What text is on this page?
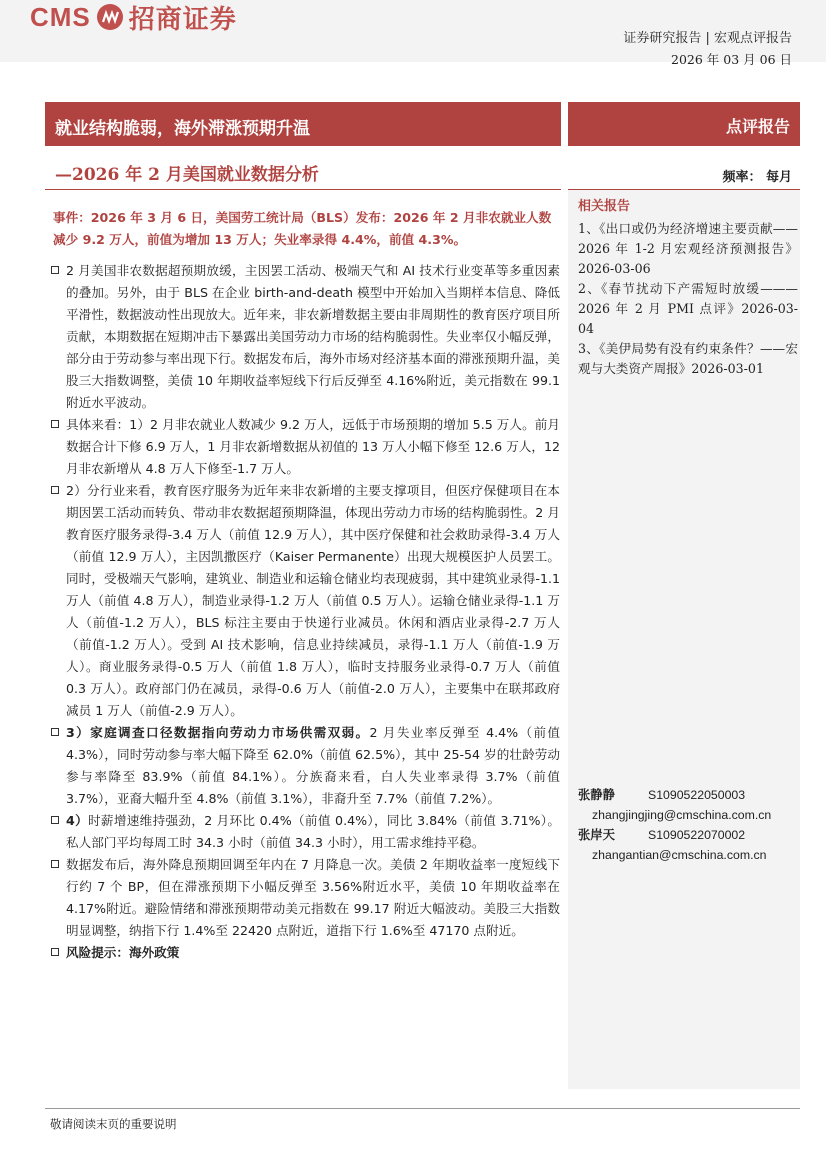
CMS 招商证券
证券研究报告 | 宏观点评报告
2026 年 03 月 06 日
就业结构脆弱，海外滞涨预期升温	点评报告
—2026 年 2 月美国就业数据分析	频率： 每月
事件：2026 年 3 月 6 日，美国劳工统计局（BLS）发布：2026 年 2 月非农就业人数减少 9.2 万人，前值为增加 13 万人；失业率录得 4.4%，前值 4.3%。
2 月美国非农数据超预期放缓，主因罢工活动、极端天气和 AI 技术行业变革等多重因素的叠加。另外，由于 BLS 在企业 birth-and-death 模型中开始加入当期样本信息、降低平滑性，数据波动性出现放大。近年来，非农新增数据主要由非周期性的教育医疗项目所贡献，本期数据在短期冲击下暴露出美国劳动力市场的结构脆弱性。失业率仅小幅反弹，部分由于劳动参与率出现下行。数据发布后，海外市场对经济基本面的滞涨预期升温，美股三大指数调整，美债 10 年期收益率短线下行后反弹至 4.16%附近，美元指数在 99.1 附近水平波动。
具体来看：1）2 月非农就业人数减少 9.2 万人，远低于市场预期的增加 5.5 万人。前月数据合计下修 6.9 万人，1 月非农新增数据从初值的 13 万人小幅下修至 12.6 万人，12 月非农新增从 4.8 万人下修至-1.7 万人。
2）分行业来看，教育医疗服务为近年来非农新增的主要支撑项目，但医疗保健项目在本期因罢工活动而转负、带动非农数据超预期降温，体现出劳动力市场的结构脆弱性。2 月教育医疗服务录得-3.4 万人（前值 12.9 万人），其中医疗保健和社会救助录得-3.4 万人（前值 12.9 万人），主因凯撒医疗（Kaiser Permanente）出现大规模医护人员罢工。同时，受极端天气影响，建筑业、制造业和运输仓储业均表现疲弱，其中建筑业录得-1.1 万人（前值 4.8 万人），制造业录得-1.2 万人（前值 0.5 万人）。运输仓储业录得-1.1 万人（前值-1.2 万人），BLS 标注主要由于快递行业减员。休闲和酒店业录得-2.7 万人（前值-1.2 万人）。受到 AI 技术影响，信息业持续减员，录得-1.1 万人（前值-1.9 万人）。商业服务录得-0.5 万人（前值 1.8 万人），临时支持服务业录得-0.7 万人（前值 0.3 万人）。政府部门仍在减员，录得-0.6 万人（前值-2.0 万人），主要集中在联邦政府减员 1 万人（前值-2.9 万人）。
3）家庭调查口径数据指向劳动力市场供需双弱。2 月失业率反弹至 4.4%（前值 4.3%），同时劳动参与率大幅下降至 62.0%（前值 62.5%），其中 25-54 岁的壮龄劳动参与率降至 83.9%（前值 84.1%）。分族裔来看，白人失业率录得 3.7%（前值 3.7%），亚裔大幅升至 4.8%（前值 3.1%），非裔升至 7.7%（前值 7.2%）。
4）时薪增速维持强劲，2 月环比 0.4%（前值 0.4%），同比 3.84%（前值 3.71%）。私人部门平均每周工时 34.3 小时（前值 34.3 小时），用工需求维持平稳。
数据发布后，海外降息预期回调至年内在 7 月降息一次。美债 2 年期收益率一度短线下行约 7 个 BP，但在滞涨预期下小幅反弹至 3.56%附近水平，美债 10 年期收益率在 4.17%附近。避险情绪和滞涨预期带动美元指数在 99.17 附近大幅波动。美股三大指数明显调整，纳指下行 1.4%至 22420 点附近，道指下行 1.6%至 47170 点附近。
风险提示：海外政策
相关报告
1、《出口或仍为经济增速主要贡献——2026 年 1-2 月宏观经济预测报告》2026-03-06
2、《春节扰动下产需短时放缓———2026 年 2 月 PMI 点评》2026-03-04
3、《美伊局势有没有约束条件？——宏观与大类资产周报》2026-03-01
张静静	S1090522050003
zhangjingjing@cmschina.com.cn
张岸天	S1090522070002
zhangantian@cmschina.com.cn
敬请阅读末页的重要说明
